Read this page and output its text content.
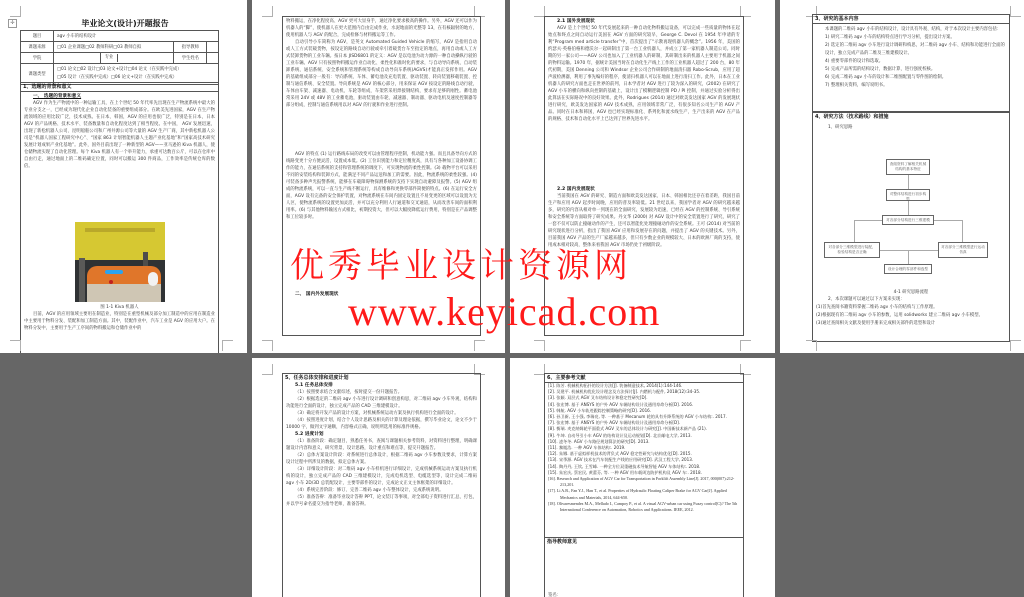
✢	毕业论文(设计)开题报告
题目	agv 小车的结构设计			
课题来源	□01 企业课题□02 教师科研□03 教师自拟		指导教师	
学院		专业	学生姓名	
课题类型	□01 论文□02 设计□03 论文+设计□04 论文（在实践中完成）
□05 设计（在实践中完成）□06 论文+设计（在实践中完成）			
1、选题的背景和意义
一、 选题的背景和意义

AGV 作为生产物流中的一种运输工具，在上个世纪 50 年代率先出现在生产物流系统中最大的专业分支之一，已经成为现代化企业自动化装备的重要组成部分。在欧美先进国家，AGV 在生产物流领域的应用比较广泛，技术成熟。在日本、韩国，AGV 的应用也很广泛，特别是在日本，日本 AGV 的产品规格、技术水平、装备数量和自动化程度达到了相当程度。在中国， AGV 发展迅速，出现了新松机器人公司、昆明船舶公司和广州井源公司等大量的 AGV 生产厂商，其中新松机器人公司是“机器人国家工程研究中心”、“国家 863 计划智能机器人主题产业化基地”和“国家高技术研究发展计划成果产业化基地”。此外，国外目前出现了一种新型的 AGV——亚马逊的 Kiva 机器人，使仓储物流实现了自动化管理。每个 Kiva 机器人有一个举升能力，承重可达数百公斤，可以在仓库中自由行走，通过地面上的二维码确定位置，同时可以搬运 300 件商品，工作效率是传统仓库的数倍。

图 1-1 Kiva 机器人

目前，AGV 的应用领域主要用在制造业，特别是在重型机械及部分加工制造中的应用在制造业中主要用于物料分发、装配和加工制造方面。其中，装配作业中，汽车工业是 AGV 的应用大户。在物料分发中，主要用于生产工序间的物料搬运和仓储作业中的

物料搬运，在净化程度高、AGV 更可大显身手，通过净化要求极高的操作。另外，AGV 还可以作为机器人的“脚”，使机器人在更大范围内自由完成作业，水泥地面的光整等 13，在有核辐射的地方，使用机器人与 AGV 的配合，完成检修与材料搬运等工作。

自动引导小车简称为 AGV，是英文 Automated Guided Vehicle 的缩写，AGV 是指用自动或人工方式装载货物，按设定的路线自动行驶或牵引着载货台车至指定的地点，再用自动或人工方式装卸货物的工业车辆。按日本 JISD6801 的定义：AGV 是以电池为动力源的一种自动操纵行驶的工业车辆。AGV 只有按照物料搬运作业自动化、柔性化和准时化的要求，与自动导向系统、自动装卸系统、通信系统、安全系统和管理系统等构成自动导向车系统(AGVS)才能真正发挥作用。AGV 的基础组成部分一般有：导向系统、车体、蓄电池及充电装置、驱动装置、转向装置移载装置、控制与通信系统、安全装置。导向系统是 AGV 的核心部分，用来保证 AGV 按设定的路线自动行驶，车体由车架、减速器、电动机、车轮等组成，车架常采用焊接钢结构，要求有足够的刚性。蓄电池常采用 24V 或 48V 的工业蓄电池，驱动装置由车轮、减速器、制动器、驱动电机及速度控制器等部分组成，控制与通信系统用以对 AGV 的行驶和作业进行控制。

AGV 的特点 (1) 运行路线布局的改变可以由管理程序控制，机动能力强。而且具备导向方式的线路变更十分方便灵活，设置成本低。(2) 工位识别能力和定位精度高，具有与各种加工设备协调工作的能力，在通信系统的支持和管理系统的调度下，可实现物流的柔性控制。(3) 载物平台可以采用不同的安装结构和装卸方式，能满足不同产品运送和加工的需要。因此，物流系统的柔性较强。(4) 可装备多种声光报警系统，能够在车载障碍物探测系统的支持下实现自动避障及报警。(5) AGV 组成的物流系统，可以一直与生产线不断运行，具有维修和更换零部件简便的特点。(6) 在运行安全方面，AGV 设有完备的安全保护装置，对物流系统在车间内固定设置且不易变更的区域可以设置为无人区，使物流系统的设置更加灵活，并可以充分利用人行通道和交叉通道，从而改善车间的面积利用率。(6) 与其他物料输送方式相比，初期投资大，但可以大幅度降低运行费用，特别是在产品调整和工位较多时。

二、 国内外发展现状
2.1 国外发展现状

AGV 是上个世纪 50 年代发展起来的一种自动化物料搬运设备，可以完成一些质量的物体在起始点和终点之间自动运行美国在 AGV 方面的研究较早，George C. Devol 在 1954 年申请的专利“Program med article transfer”中，首次提出了“示教再现机器人的概念”。1956 年，美国的约瑟夫·英格伯格和德沃尔一起研制出了第一台工业机器人，并成立了第一家机器人制造公司。同时期的另一家公司——AGV 公司也加入了工业机器人的研制，其研制出来的机器人主要用于机器之间的物料运输。1970 年，据统计美国当时在自动化生产线上工作的工业机器人超过了 200 台，80 年代初期，美国 Denning 公司和 Windsor 企业公司合作研制的地面清扫器 Robo-Scrub，应用了超声波检测器，利用了事先编好的程序，使清扫机器人可以在地面上进行清扫工作。此外，日本在工业机器人的研究方面也走在世界的前列，日本学者对 AGV 进行了较为深入的研究，(2002) 在研究了 AGV 小车的横向和纵向控制的基础上，设计出了模糊逻辑控制 PD / PI 控制，并通过实验分析得出此算法在实际路况中的良好效果。此外，Rodrigues (2014) 通过对欧美发达国家 AGV 的发展现状进行研究，欧美发达国家的 AGV 技术成熟，应用领域非常广泛，有很多知名公司生产的 AGV 产品。同时在日本和韩国，AGV 也已经实现标准化、系列化和流水线生产，生产出来的 AGV 在产品的规格、技术和自动化水平上已达到了世界先进水平。

2.2 国内发展现状

当前我国在 AGV 的研究、制造方面和欧美发达国家、日本、韩国相比还存在着差距，我国目前生产和应用 AGV 起步时间晚，应用的普及率较低。21 世纪以来，我国学者对 AGV 的研究越来越多，研究的内容从相对单一到现在的全面研究，发展较为迅速，已经在 AGV 的控制系统、导引系统和安全系统等方面取得了研究成果。丹文华 (2000) 对 AGV 设计中的安全装置进行了研究，研究了一套不仅可以防止撞碰动作的产生，还可以智能化处理撞碰动作的安全系统。王可 (2014) 对当前的研究现状进行分析，指出了我国 AGV 应用和发展存在的问题，并提出了 AGV 的关键技术。另外，目前我国 AGV 产品的生产厂家越来越多，但只有少数企业的规模较大、日本的欧洲厂商的支持，使用成本相对较高，整体来看我国 AGV 市场仍处于初级阶段。

3、研究的基本内容

本课题的二维码 agv 小车的结构设计，设计具有外观、结构，对于本次设计主要内容包括：

1) 研究二维码 agv 小车的结构特点进行学习分析，提出设计方案。
2) 选定的二维码 agv 小车进行设计调研和构思，对二维码 agv 小车、结构和功能进行全面的设计，独立完成产品的二维及三维建模设计。
4) 重要零部件的设计和选取。
5) 完成产品所需的结构设计，数据计算，进行强度校核。
6) 完成二维码 agv 小车的设计和二维图配置与零件图的绘制。
7) 整理相关资料，编写说明书。
4、研究方法（技术路线）和措施
1、研究思路
查阅资料了解相关机械结构的基本特征
对整体结构进行初步构思
对各部分结构进行三维建模
对各部分三维模型进行装配，检验结构是否正确
对各部分三维模型进行运动仿真
设计合理的零部件和选型
4-1 研究思路流程
2、本次课题可以通过以下方案来实现：
(1)首先查阅书籍资料掌握二维码 agv 小车的结构与工作原理。
(2)根据现有的二维码 agv 小车的参数，运用 solidworks 建立二维码 agv 小车模型。
(3)通过查阅相关文献及使用手册来完成相关部件的选型和设计
5、任务总体安排和进度计划
5.1 任务总体安排

（1）按照要求结合文献综述，按时提交一份开题报告。

（2）根据选定的二维码 agv 小车进行设计调研和创意构思，对二维码 agv 小车外观、结构和功能进行全面的设计，独立完成产品的 CAD 三维建模设计。

（3）确定将开发产品的设计方案，对机械系统运动方案及执行机构进行全面的设计。

（4）按照进度计划，结合个人设计思路及相关的计算及理论依据，撰写毕业论文，论文不少于 10000 字，做到文字通顺，内容格式正确，说明所选用的标准件规格。

5.2 进度计划

（1）准备阶段：确定题目，熟悉任务书，查阅与课题相关参考资料，对资料进行整理，明确课题设计内容和意义，研究背景，设计思路，设计重点和难点等，提交开题报告。

（2）总体方案设计阶段：对系统进行总体设计，根据二维码 agv 小车参数及要求，计算方案设计过程中所涉及的数据，拟定总体方案。

（3）详细设计阶段：对二维码 agv 小车样机进行详细设计，完成机械系统运动方案及执行机构的设计，独立完成产品的 CAD 三维建模设计，完成电机选型、电缆选型等，设计完成二维码 agv 小车 2D/3D 总装配设计，主要零部件的设计，完成论文正文主体框架的详细设计。

（4）系统完善阶段：修订、完善二维码 agv 小车整体设计，完成系统说明。

（5）准备答辩：准备毕业设计答辩 PPT，论文装订等事项，对全部电子资料进行汇总、打包，并以学号命名提交为指导老师，准备答辩。

6、主要参考文献
[1]. 陈芳. 机械机构拓扑的设计方法[J]. 装备制造技术, 2014(1):144-146.
[2]. 吴建平. 机械机构优化设计理念及方法探讨[J]. 内燃机与配件, 2018(12):34-35.
[3]. 张颖. 双层式 AGV 叉车结构设计和稳定性研究[D].
[4]. 张宏博. 基于 ANSYS 的户外 AGV 车辆结构设计及通用寿命分析[D]. 2016.
[5]. 韩航. AGV 小车轨迹跟踪控制策略的研究[D]. 2016.
[6]. 孙卫新, 王小强, 李瑞亮, 等. 一种基于 Mecanum 轮的具有升降系统的 AGV 小车结构:. 2017.
[7]. 张宏博. 基于 ANSYS 的户外 AGV 车辆结构设计及通用寿命分析[D].
[8]. 衡瑞. 麦克纳姆轮平面重式 AGV 叉车的总体设计与研究[J]. 中国新技术新产品 (21).
[9]. 牛坤. 自动导引小车 AGV 的结构设计及运动规划[D]. 北京邮电大学, 2013.
[10]. 凌冬冬. AGV 小车路径规划算法的研究[D]. 2013.
[11]. 黎胤浩. 一种 AGV 车体结构:. 2019.
[12]. 朱娜. 基于虚拟样机技术的背负式 AGV 稳定性研究与结构优化[D]. 2015.
[13]. 宋季源. AGV 技术在汽车装配生产线的应用研究[D]. 武汉工程大学, 2013.
[14]. 陶丹丹, 王钦, 王雪峰. 一种全方位双重磁技术导航智能 AGV 车体结构:. 2018.
[15]. 朱宏庆, 蔡宏民, 黄蕾芬, 等. 一种 AGV 用车载周边防护机构及 AGV 车:. 2018.
[16]. Research and Application of AGV Car for Transportation in Forklift Assembly Line[J]. 2017, 000(007):212-213,201.
[17]. Li A.B., Fan Y.J., Han T., et al. Properties of Hydraulic Floating Caliper Brake for AGV Car[J]. Applied Mechanics and Materials, 2014, 644-650.
[18]. Olivaresmendez M.A., Mellado I., Campoy P., et al. A visual AGV-urban car using Fuzzy control[C]// The 5th International Conference on Automation, Robotics and Applications. IEEE, 2012.
指导教师意见
签名：
优秀毕业设计资源网
www.keyicad.com
